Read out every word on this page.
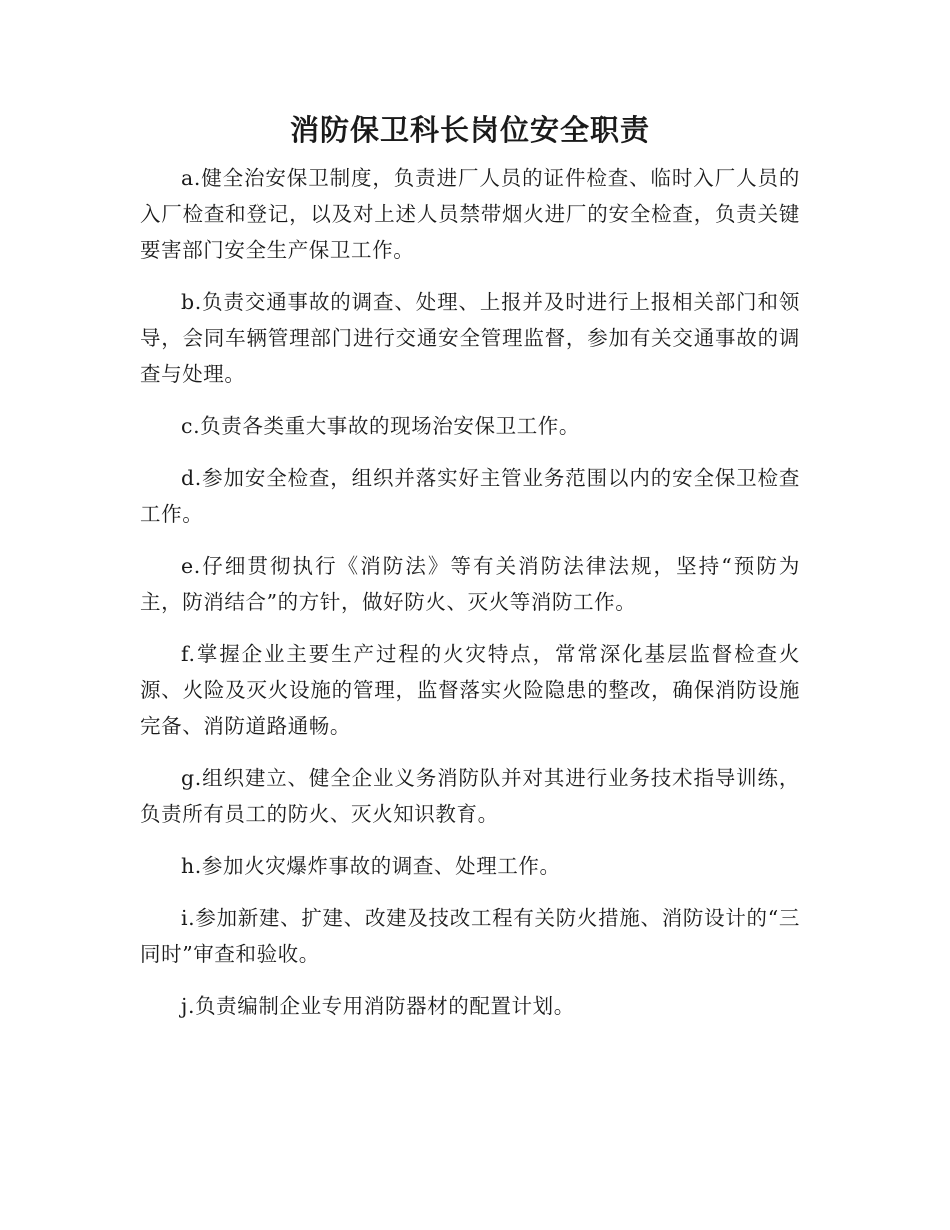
消防保卫科长岗位安全职责

a.健全治安保卫制度，负责进厂人员的证件检查、临时入厂人员的入厂检查和登记，以及对上述人员禁带烟火进厂的安全检查，负责关键要害部门安全生产保卫工作。

b.负责交通事故的调查、处理、上报并及时进行上报相关部门和领导，会同车辆管理部门进行交通安全管理监督，参加有关交通事故的调查与处理。

c.负责各类重大事故的现场治安保卫工作。

d.参加安全检查，组织并落实好主管业务范围以内的安全保卫检查工作。

e.仔细贯彻执行《消防法》等有关消防法律法规，坚持“预防为主，防消结合”的方针，做好防火、灭火等消防工作。

f.掌握企业主要生产过程的火灾特点，常常深化基层监督检查火源、火险及灭火设施的管理，监督落实火险隐患的整改，确保消防设施完备、消防道路通畅。

g.组织建立、健全企业义务消防队并对其进行业务技术指导训练，负责所有员工的防火、灭火知识教育。

h.参加火灾爆炸事故的调查、处理工作。

i.参加新建、扩建、改建及技改工程有关防火措施、消防设计的“三同时”审查和验收。

j.负责编制企业专用消防器材的配置计划。
